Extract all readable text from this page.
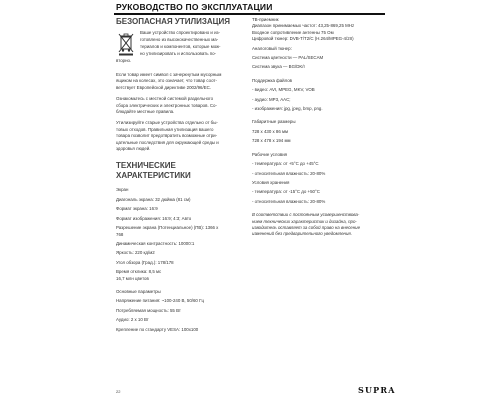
РУКОВОДСТВО ПО ЭКСПЛУАТАЦИИ

БЕЗОПАСНАЯ УТИЛИЗАЦИЯ

Ваше устройство спроектировано и из-

готовлено из высококачественных ма-

териалов и компонентов, которые мож-

но утилизировать и использовать по-

вторно.

Если товар имеет символ с зачеркнутым мусорным

ящиком на колесах, это означает, что товар соот-

ветствует Европейской директиве 2002/96/ЕС.

Ознакомьтесь с местной системой раздельного

сбора электрических и электронных товаров. Со-

блюдайте местные правила.

Утилизируйте старые устройства отдельно от бы-

товых отходов. Правильная утилизация вашего

товара позволит предотвратить возможные отри-

цательные последствия для окружающей среды и

здоровья людей.

ТЕХНИЧЕСКИЕ ХАРАКТЕРИСТИКИ

Экран

Диагональ экрана: 32 дюйма (81 см)

Формат экрана: 16:9

Формат изображения: 16:9; 4:3; Авто

Разрешение экрана (Потенциальное) (ПВ): 1366 х

768

Динамическая контрастность: 10000:1

Яркость: 220 кд/м2

Угол обзора (Град.): 178/178

Время отклика: 8,5 мс

16,7 млн цветов

Основные параметры

Напряжение питания: ~100-240 В, 50/60 Гц

Потребляемая мощность: 55 Вт

Аудио: 2 х 10 Вт

Крепление по стандарту VESA: 100х100

ТВ-приемник

Диапазон принимаемых частот: 43,25-869,25 MHz

Входное сопротивление антенны 75 Ом

Цифровой тюнер: DVB-T/T2/C (H.264/MPEG-4/2II)

Аналоговый тюнер:

Система цветности — PAL/SECAM

Система звука — BG/DK/I

Поддержка файлов

- видео: AVI, MPEG, MKV, VOB

- аудио: MP3, AAC;

- изображения: jpg, jpeg, bmp, png.

Габаритные размеры

728 х 430 х 86 мм

728 х 478 х 194 мм

Рабочие условия

- температура: от +5°C до +45°C

- относительная влажность: 20-80%

Условия хранения

- температура: от -15°C до +50°C

- относительная влажность: 20-80%

В соответствии с постоянным усовершенствова-

нием технических характеристик и дизайна, про-

изводитель оставляет за собой право на внесение

изменений без предварительного уведомления.

22	SUPRA
